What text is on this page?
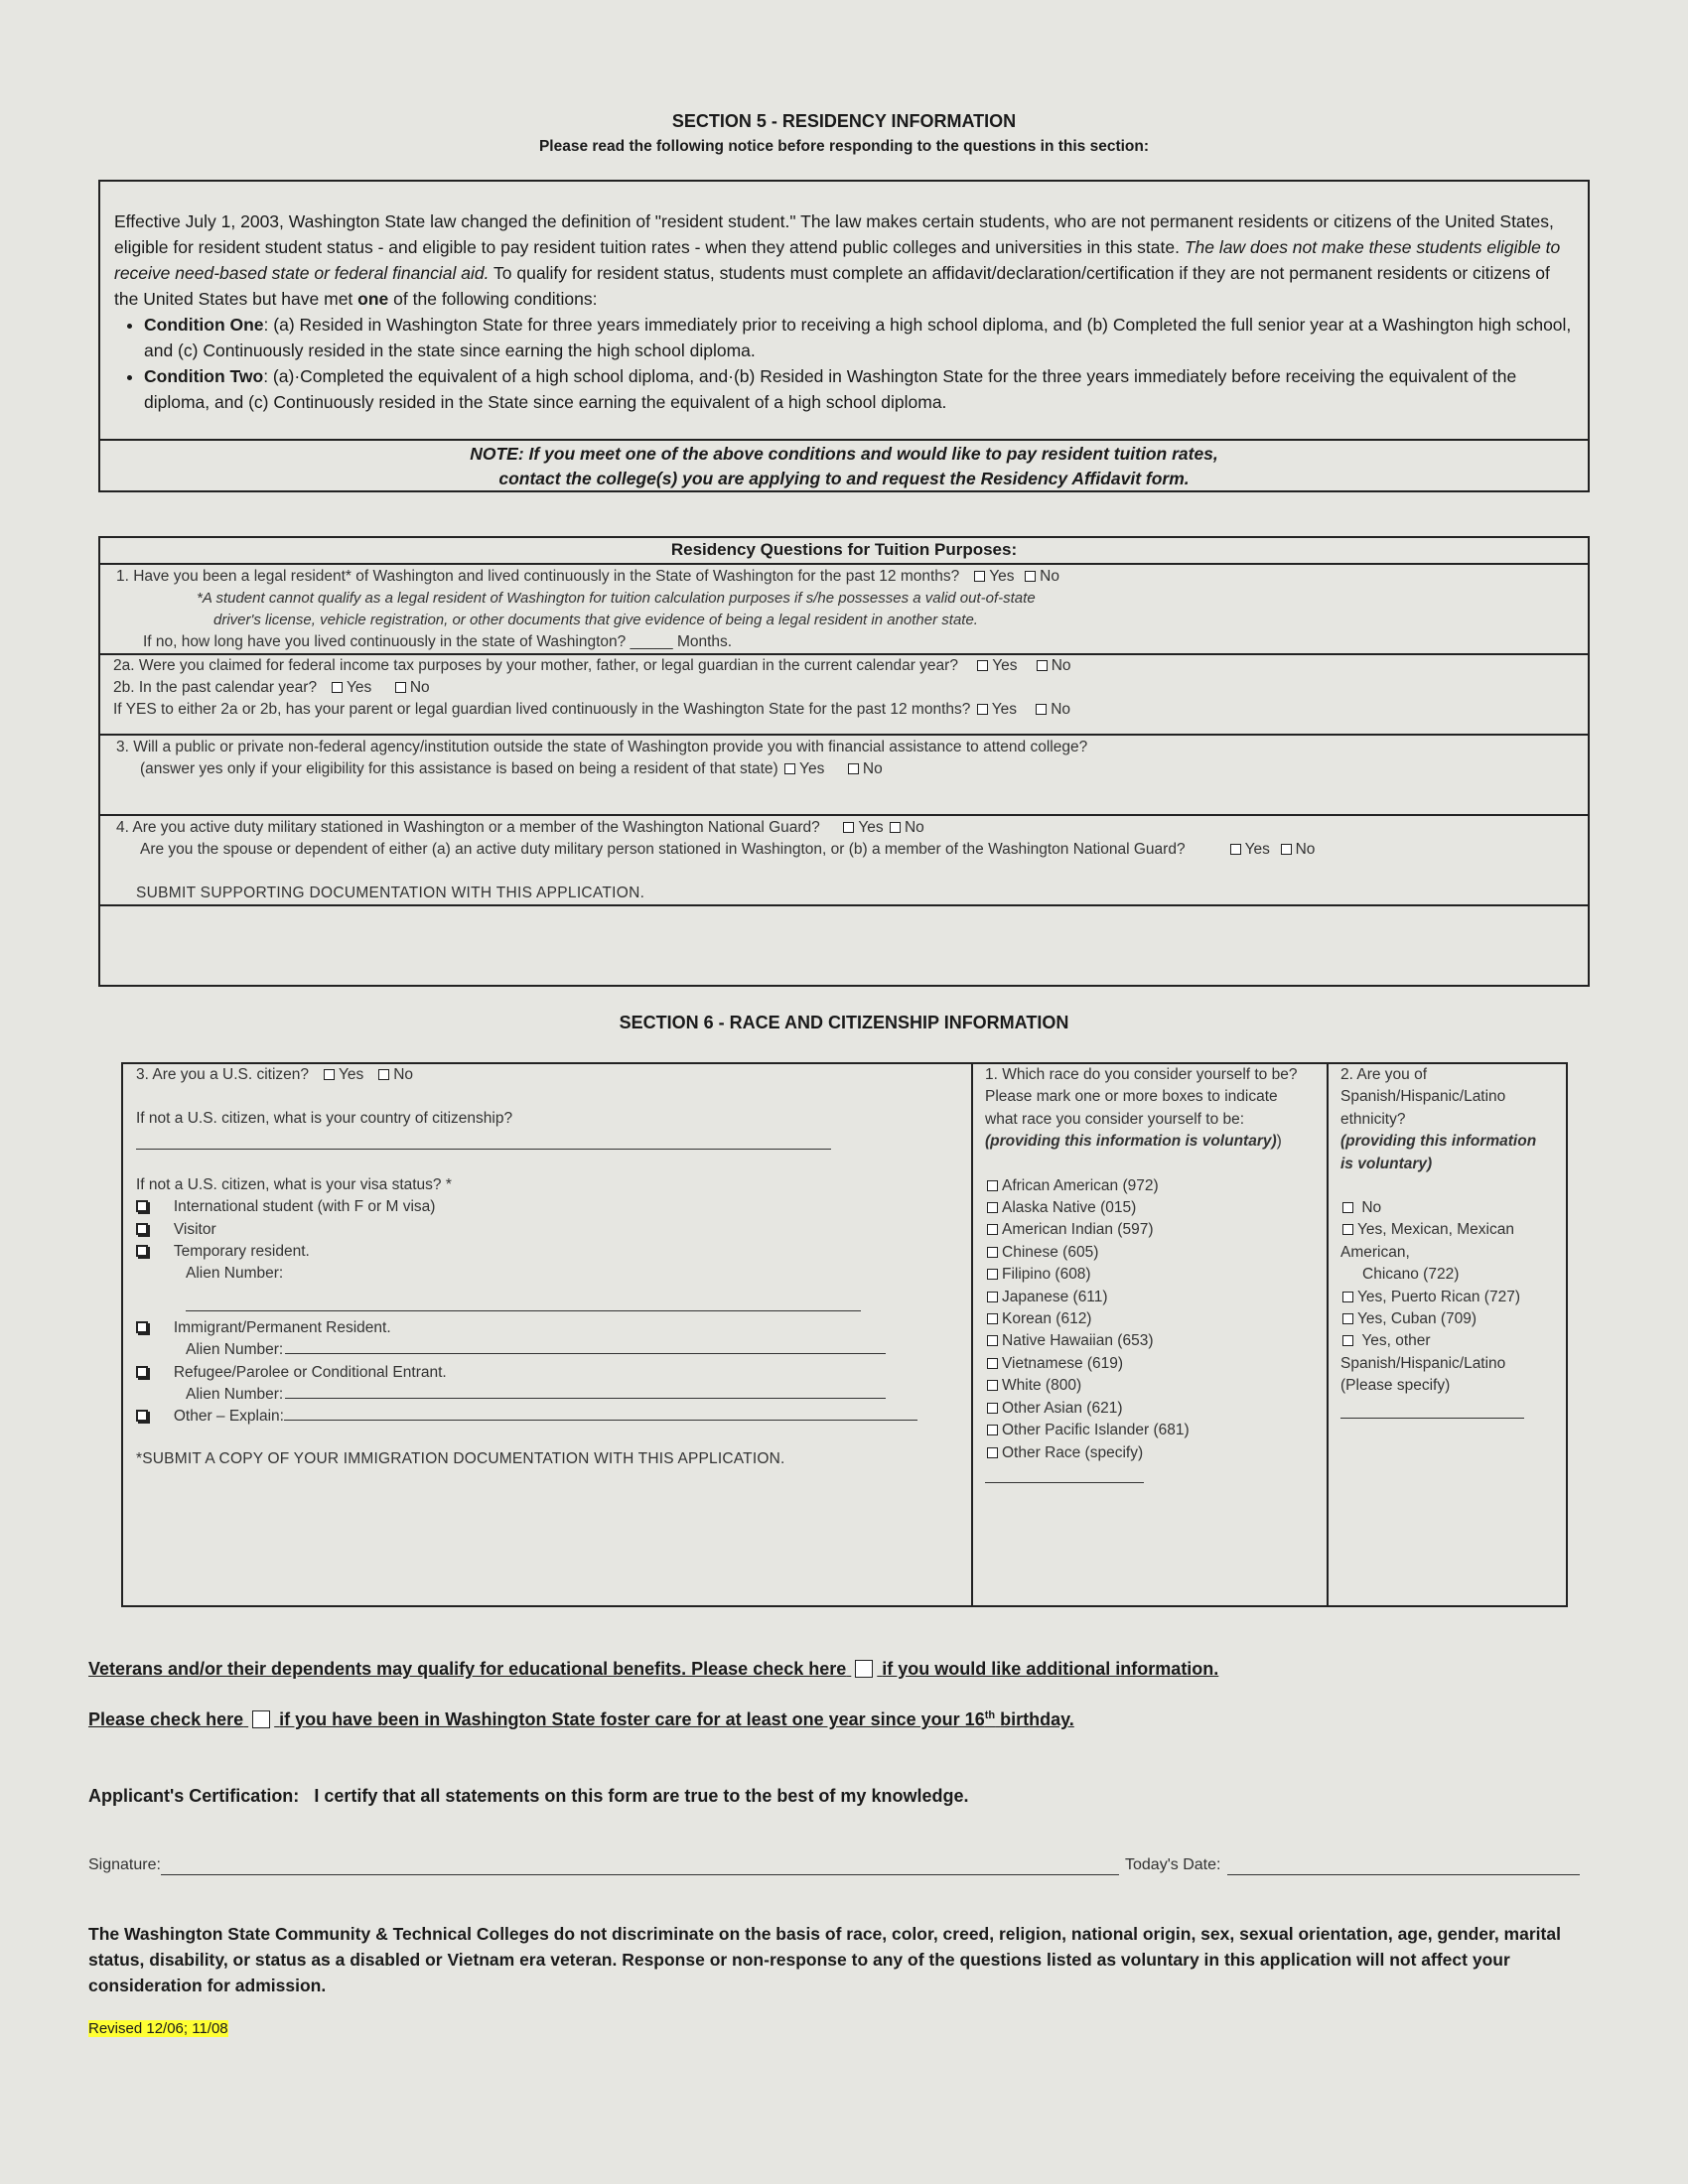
SECTION 5 - RESIDENCY INFORMATION
Please read the following notice before responding to the questions in this section:
Effective July 1, 2003, Washington State law changed the definition of "resident student." The law makes certain students, who are not permanent residents or citizens of the United States, eligible for resident student status - and eligible to pay resident tuition rates - when they attend public colleges and universities in this state. The law does not make these students eligible to receive need-based state or federal financial aid. To qualify for resident status, students must complete an affidavit/declaration/certification if they are not permanent residents or citizens of the United States but have met one of the following conditions:
• Condition One: (a) Resided in Washington State for three years immediately prior to receiving a high school diploma, and (b) Completed the full senior year at a Washington high school, and (c) Continuously resided in the state since earning the high school diploma.
• Condition Two: (a)·Completed the equivalent of a high school diploma, and·(b) Resided in Washington State for the three years immediately before receiving the equivalent of the diploma, and (c) Continuously resided in the State since earning the equivalent of a high school diploma.
NOTE: If you meet one of the above conditions and would like to pay resident tuition rates,
contact the college(s) you are applying to and request the Residency Affidavit form.
Residency Questions for Tuition Purposes:
1. Have you been a legal resident* of Washington and lived continuously in the State of Washington for the past 12 months? Yes No
*A student cannot qualify as a legal resident of Washington for tuition calculation purposes if s/he possesses a valid out-of-state
driver's license, vehicle registration, or other documents that give evidence of being a legal resident in another state.
If no, how long have you lived continuously in the state of Washington? _____ Months.
2a. Were you claimed for federal income tax purposes by your mother, father, or legal guardian in the current calendar year? Yes No
2b. In the past calendar year? Yes No
If YES to either 2a or 2b, has your parent or legal guardian lived continuously in the Washington State for the past 12 months? Yes No
3. Will a public or private non-federal agency/institution outside the state of Washington provide you with financial assistance to attend college?
(answer yes only if your eligibility for this assistance is based on being a resident of that state) Yes No
4. Are you active duty military stationed in Washington or a member of the Washington National Guard? Yes No
Are you the spouse or dependent of either (a) an active duty military person stationed in Washington, or (b) a member of the Washington National Guard?	Yes No
SUBMIT SUPPORTING DOCUMENTATION WITH THIS APPLICATION.
SECTION 6 - RACE AND CITIZENSHIP INFORMATION
3. Are you a U.S. citizen? Yes No
If not a U.S. citizen, what is your country of citizenship?
If not a U.S. citizen, what is your visa status? *
International student (with F or M visa)
Visitor
Temporary resident.
Alien Number:
Immigrant/Permanent Resident.
Alien Number:
Refugee/Parolee or Conditional Entrant.
Alien Number:
Other – Explain:
*SUBMIT A COPY OF YOUR IMMIGRATION DOCUMENTATION WITH THIS APPLICATION.
1. Which race do you consider yourself to be?
Please mark one or more boxes to indicate
what race you consider yourself to be:
(providing this information is voluntary))
African American (972)
Alaska Native (015)
American Indian (597)
Chinese (605)
Filipino (608)
Japanese (611)
Korean (612)
Native Hawaiian (653)
Vietnamese (619)
White (800)
Other Asian (621)
Other Pacific Islander (681)
Other Race (specify)
2. Are you of
Spanish/Hispanic/Latino
ethnicity?
(providing this information
is voluntary)
No
Yes, Mexican, Mexican
American,
Chicano (722)
Yes, Puerto Rican (727)
Yes, Cuban (709)
Yes, other
Spanish/Hispanic/Latino
(Please specify)
Veterans and/or their dependents may qualify for educational benefits. Please check here if you would like additional information.
Please check here if you have been in Washington State foster care for at least one year since your 16th birthday.
Applicant's Certification: I certify that all statements on this form are true to the best of my knowledge.
Signature:	Today's Date:
The Washington State Community & Technical Colleges do not discriminate on the basis of race, color, creed, religion, national origin, sex, sexual orientation, age, gender, marital status, disability, or status as a disabled or Vietnam era veteran. Response or non-response to any of the questions listed as voluntary in this application will not affect your consideration for admission.
Revised 12/06; 11/08
